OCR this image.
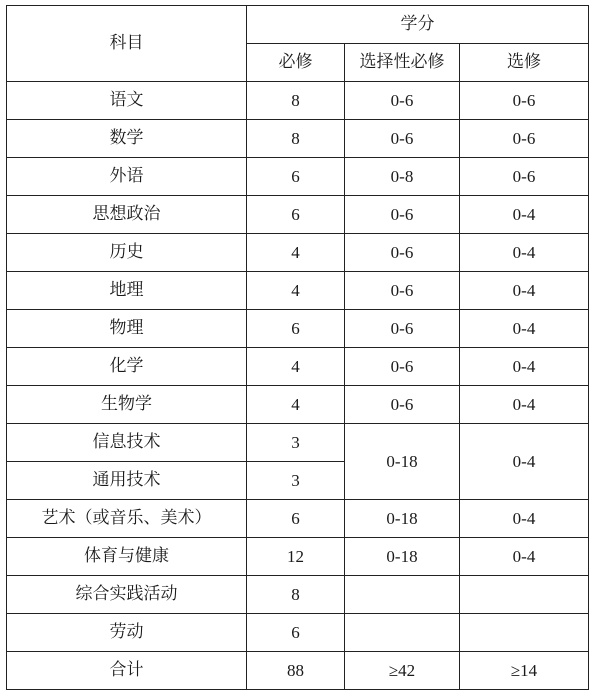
科目	学分		
	必修	选择性必修	选修
语文	8	0-6	0-6
数学	8	0-6	0-6
外语	6	0-8	0-6
思想政治	6	0-6	0-4
历史	4	0-6	0-4
地理	4	0-6	0-4
物理	6	0-6	0-4
化学	4	0-6	0-4
生物学	4	0-6	0-4
信息技术	3	0-18	0-4
通用技术	3		
艺术（或音乐、美术）	6	0-18	0-4
体育与健康	12	0-18	0-4
综合实践活动	8		
劳动	6		
合计	88	≥42	≥14
